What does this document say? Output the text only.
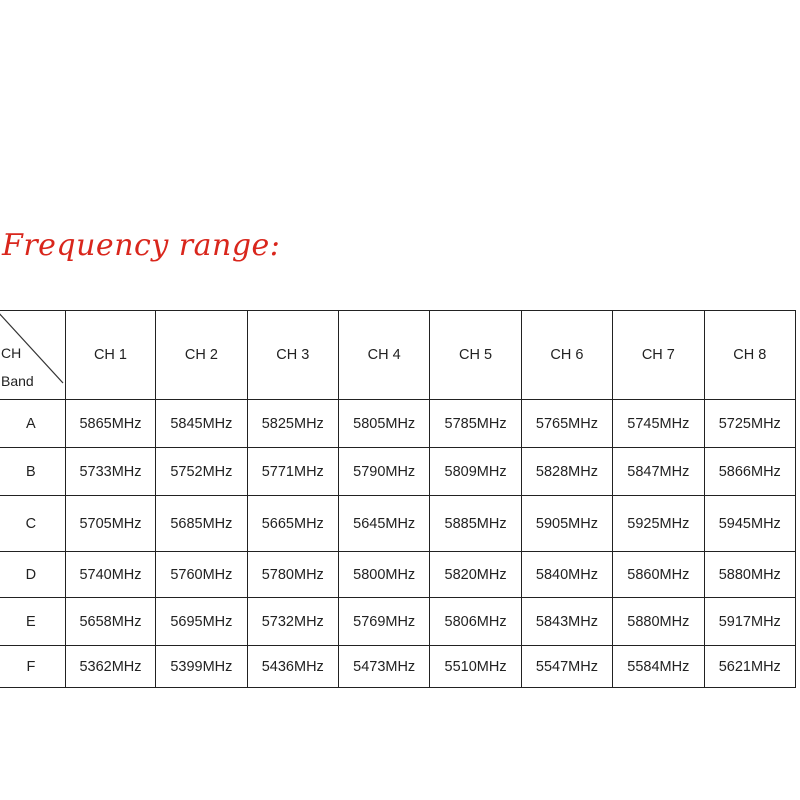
Frequency range:
CH
Band	CH 1	CH 2	CH 3	CH 4	CH 5	CH 6	CH 7	CH 8
A	5865MHz	5845MHz	5825MHz	5805MHz	5785MHz	5765MHz	5745MHz	5725MHz
B	5733MHz	5752MHz	5771MHz	5790MHz	5809MHz	5828MHz	5847MHz	5866MHz
C	5705MHz	5685MHz	5665MHz	5645MHz	5885MHz	5905MHz	5925MHz	5945MHz
D	5740MHz	5760MHz	5780MHz	5800MHz	5820MHz	5840MHz	5860MHz	5880MHz
E	5658MHz	5695MHz	5732MHz	5769MHz	5806MHz	5843MHz	5880MHz	5917MHz
F	5362MHz	5399MHz	5436MHz	5473MHz	5510MHz	5547MHz	5584MHz	5621MHz
